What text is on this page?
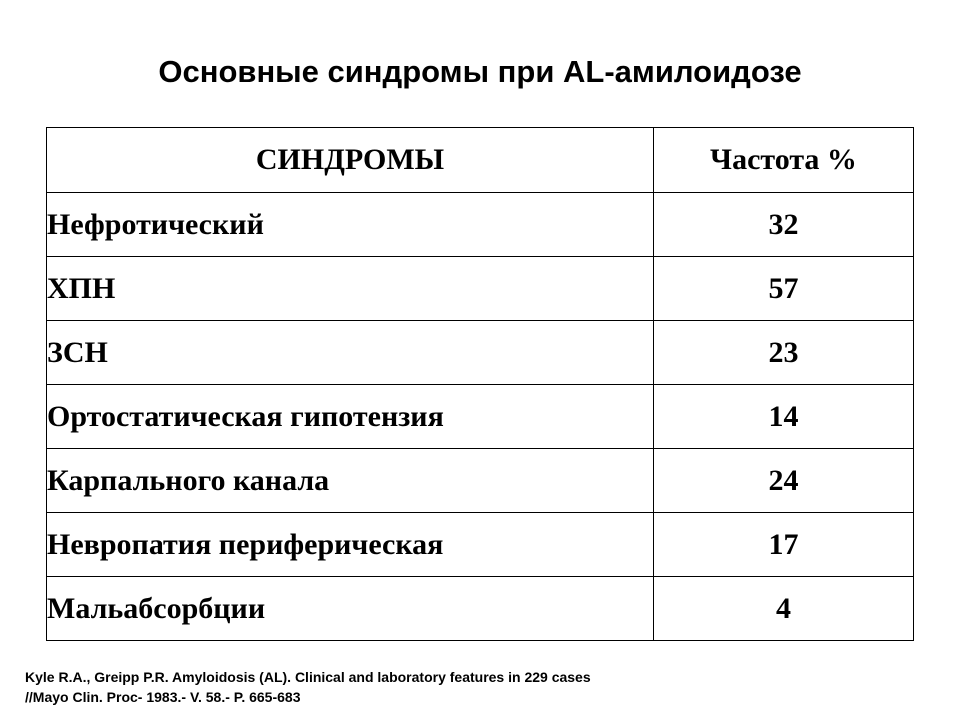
Основные синдромы при AL-амилоидозе
СИНДРОМЫ	Частота %
Нефротический	32
ХПН	57
ЗСН	23
Ортостатическая гипотензия	14
Карпального канала	24
Невропатия периферическая	17
Мальабсорбции	4
Kyle R.A., Greipp P.R. Amyloidosis (AL). Clinical and laboratory features in 229 cases
//Mayo Clin. Proc- 1983.- V. 58.- P. 665-683
